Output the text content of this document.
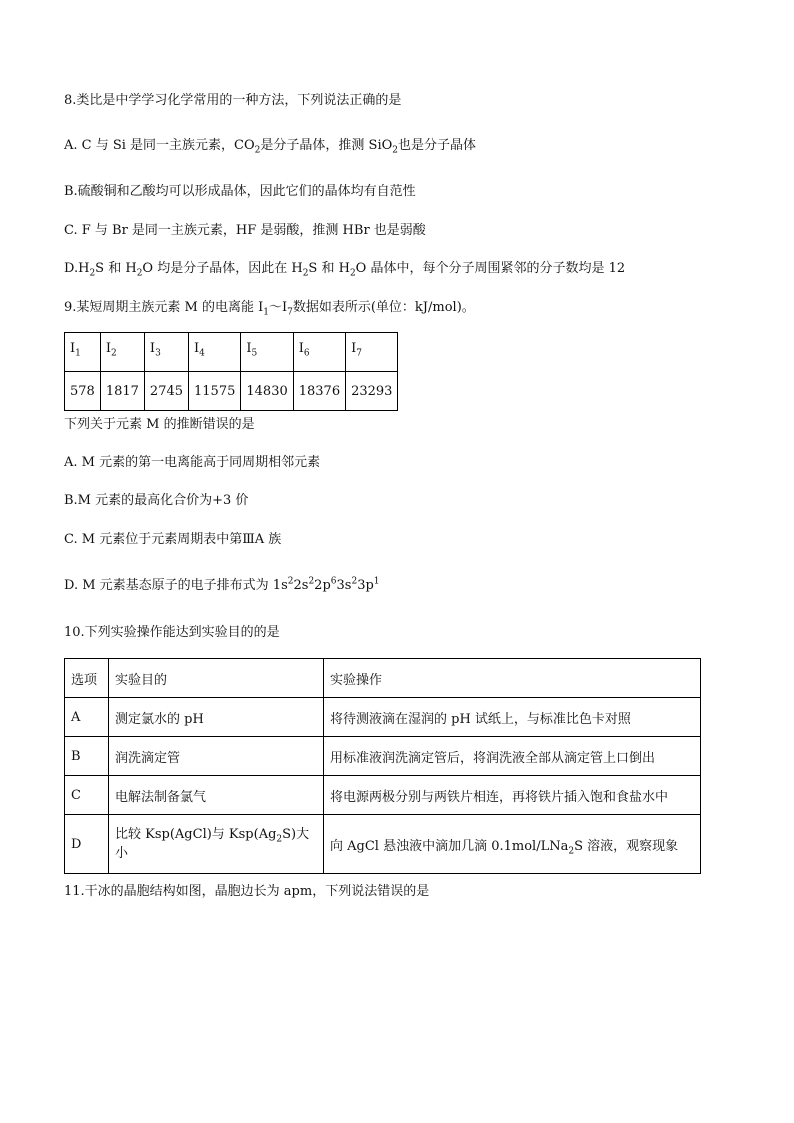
8.类比是中学学习化学常用的一种方法，下列说法正确的是
A. C 与 Si 是同一主族元素，$CO_2$是分子晶体，推测 SiO$_2$也是分子晶体
B.硫酸铜和乙酸均可以形成晶体，因此它们的晶体均有自范性
C. F 与 Br 是同一主族元素，HF 是弱酸，推测 HBr 也是弱酸
$D.H_2S$ 和 $H_2O$ 均是分子晶体，因此在 $H_2S$ 和 $H_2O$ 晶体中，每个分子周围紧邻的分子数均是 12
9.某短周期主族元素 M 的电离能 $I_1\sim I_7$数据如表所示(单位：kJ/mol)。
$I_1$	$I_2$	$I_3$	$I_4$	$I_5$	$I_6$	$I_7$
578	1817	2745	11575	14830	18376	23293
下列关于元素 M 的推断错误的是
A. M 元素的第一电离能高于同周期相邻元素
B.M 元素的最高化合价为+3 价
C. M 元素位于元素周期表中第ⅢA 族
D. M 元素基态原子的电子排布式为 $1s^22s^22p^63s^23p^1$
10.下列实验操作能达到实验目的的是
选项	实验目的	实验操作
A	测定氯水的 pH	将待测液滴在湿润的 pH 试纸上，与标准比色卡对照
B	润洗滴定管	用标准液润洗滴定管后，将润洗液全部从滴定管上口倒出
C	电解法制备氯气	将电源两极分别与两铁片相连，再将铁片插入饱和食盐水中
D	比较 Ksp(AgCl)与 $Ksp(Ag_2S)$大小	向 AgCl 悬浊液中滴加几滴 0.1mol/LNa$_2$S 溶液，观察现象
11.干冰的晶胞结构如图，晶胞边长为 apm，下列说法错误的是
